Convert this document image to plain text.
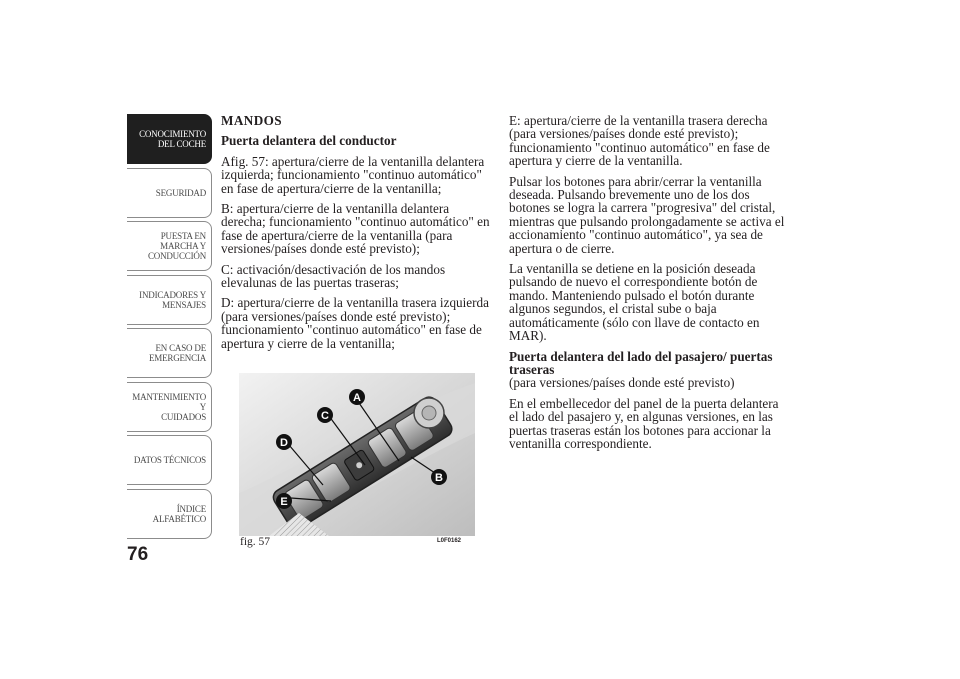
CONOCIMIENTO
DEL COCHE
SEGURIDAD
PUESTA EN
MARCHA Y
CONDUCCIÓN
INDICADORES Y
MENSAJES
EN CASO DE
EMERGENCIA
MANTENIMIENTO Y
CUIDADOS
DATOS TÉCNICOS
ÍNDICE
ALFABÉTICO
76

MANDOS

Puerta delantera del conductor

Afig. 57: apertura/cierre de la ventanilla delantera izquierda; funcionamiento "continuo automático" en fase de apertura/cierre de la ventanilla;

B: apertura/cierre de la ventanilla delantera derecha; funcionamiento "continuo automático" en fase de apertura/cierre de la ventanilla (para versiones/países donde esté previsto);

C: activación/desactivación de los mandos elevalunas de las puertas traseras;

D: apertura/cierre de la ventanilla trasera izquierda (para versiones/países donde esté previsto); funcionamiento "continuo automático" en fase de apertura y cierre de la ventanilla;

E: apertura/cierre de la ventanilla trasera derecha (para versiones/países donde esté previsto); funcionamiento "continuo automático" en fase de apertura y cierre de la ventanilla.

Pulsar los botones para abrir/cerrar la ventanilla deseada. Pulsando brevemente uno de los dos botones se logra la carrera "progresiva" del cristal, mientras que pulsando prolongadamente se activa el accionamiento "continuo automático", ya sea de apertura o de cierre.

La ventanilla se detiene en la posición deseada pulsando de nuevo el correspondiente botón de mando. Manteniendo pulsado el botón durante algunos segundos, el cristal sube o baja automáticamente (sólo con llave de contacto en MAR).

Puerta delantera del lado del pasajero/ puertas traseras

(para versiones/países donde esté previsto)

En el embellecedor del panel de la puerta delantera el lado del pasajero y, en algunas versiones, en las puertas traseras están los botones para accionar la ventanilla correspondiente.

A
B
C
D
E
fig. 57	L0F0162
